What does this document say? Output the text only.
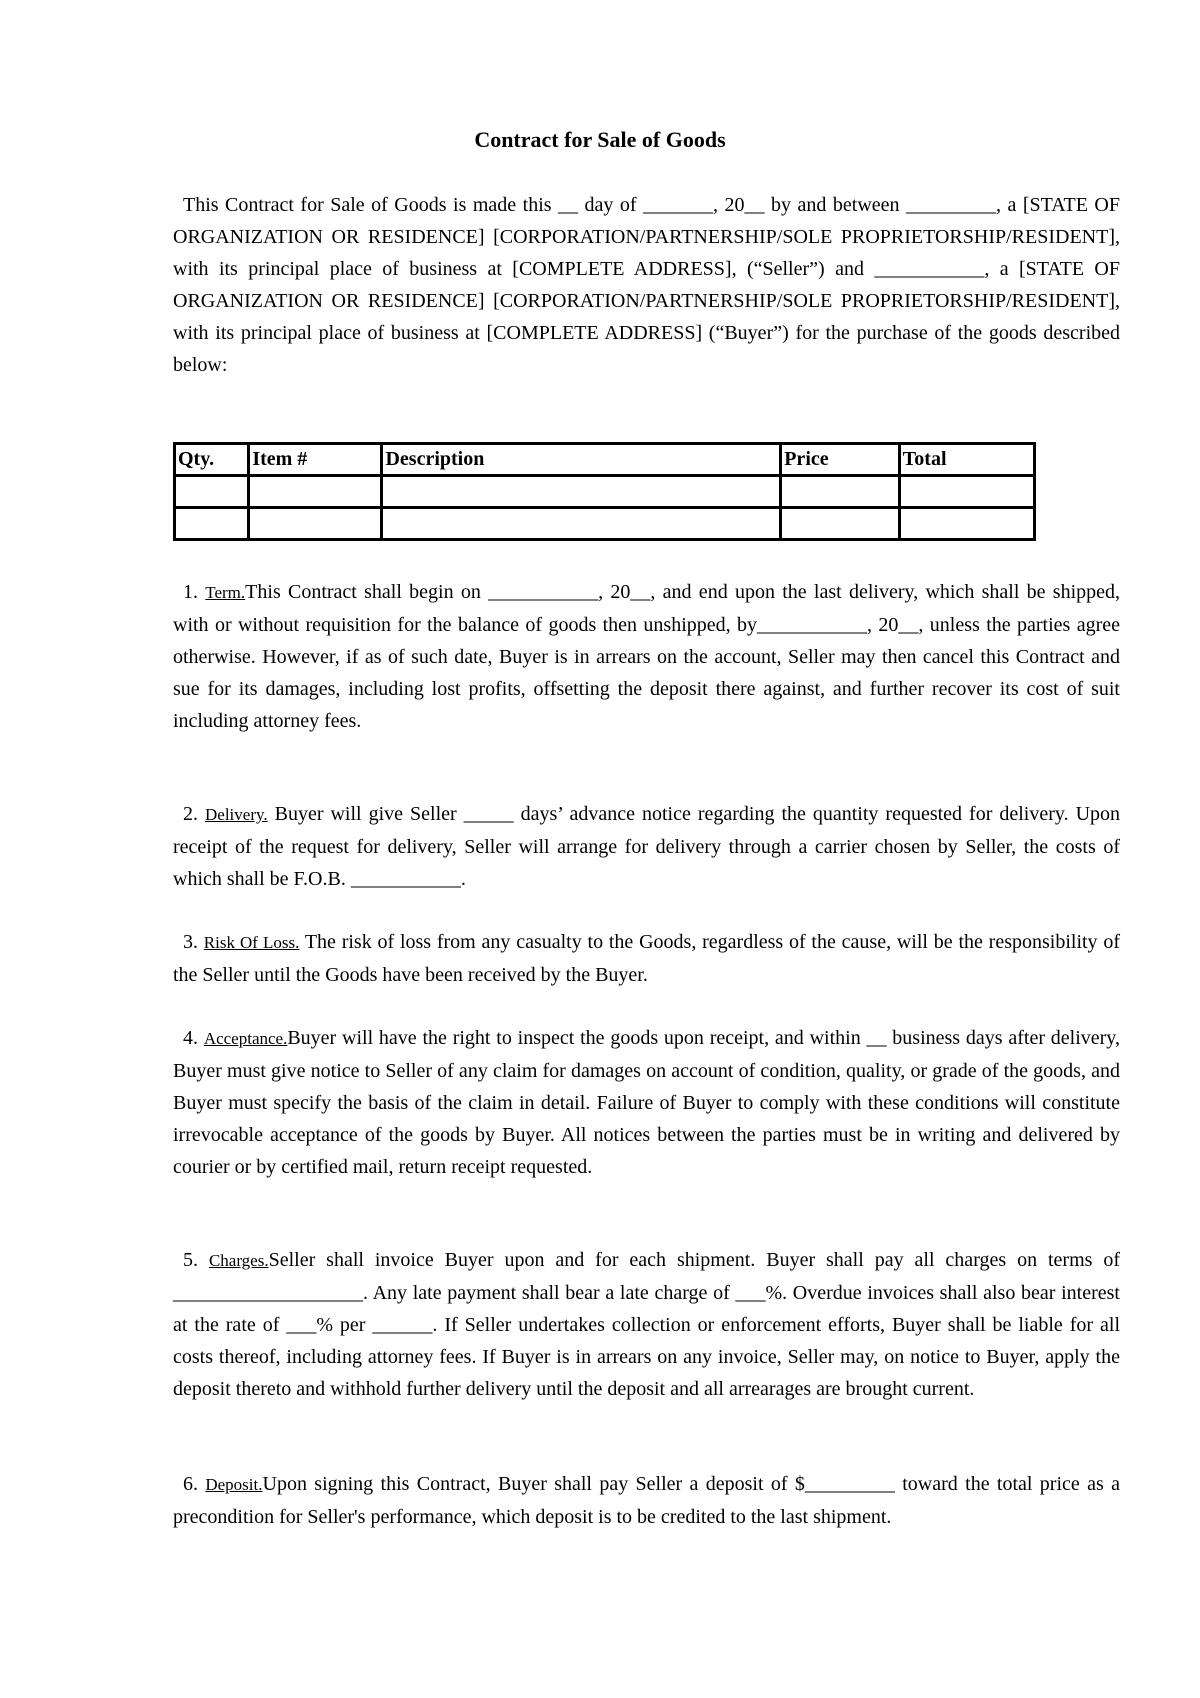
Contract for Sale of Goods

This Contract for Sale of Goods is made this __ day of _______, 20__ by and between _________, a [STATE OF ORGANIZATION OR RESIDENCE] [CORPORATION/PARTNERSHIP/SOLE PROPRIETORSHIP/RESIDENT], with its principal place of business at [COMPLETE ADDRESS], (“Seller”) and ___________, a [STATE OF ORGANIZATION OR RESIDENCE] [CORPORATION/PARTNERSHIP/SOLE PROPRIETORSHIP/RESIDENT], with its principal place of business at [COMPLETE ADDRESS] (“Buyer”) for the purchase of the goods described below:

Qty.	Item #	Description	Price	Total

1. Term.This Contract shall begin on ___________, 20__, and end upon the last delivery, which shall be shipped, with or without requisition for the balance of goods then unshipped, by___________, 20__, unless the parties agree otherwise. However, if as of such date, Buyer is in arrears on the account, Seller may then cancel this Contract and sue for its damages, including lost profits, offsetting the deposit there against, and further recover its cost of suit including attorney fees.

2. Delivery. Buyer will give Seller _____ days’ advance notice regarding the quantity requested for delivery. Upon receipt of the request for delivery, Seller will arrange for delivery through a carrier chosen by Seller, the costs of which shall be F.O.B. ___________.

3. Risk Of Loss. The risk of loss from any casualty to the Goods, regardless of the cause, will be the responsibility of the Seller until the Goods have been received by the Buyer.

4. Acceptance.Buyer will have the right to inspect the goods upon receipt, and within __ business days after delivery, Buyer must give notice to Seller of any claim for damages on account of condition, quality, or grade of the goods, and Buyer must specify the basis of the claim in detail. Failure of Buyer to comply with these conditions will constitute irrevocable acceptance of the goods by Buyer. All notices between the parties must be in writing and delivered by courier or by certified mail, return receipt requested.

5. Charges.Seller shall invoice Buyer upon and for each shipment. Buyer shall pay all charges on terms of ___________________. Any late payment shall bear a late charge of ___%. Overdue invoices shall also bear interest at the rate of ___% per ______. If Seller undertakes collection or enforcement efforts, Buyer shall be liable for all costs thereof, including attorney fees. If Buyer is in arrears on any invoice, Seller may, on notice to Buyer, apply the deposit thereto and withhold further delivery until the deposit and all arrearages are brought current.

6. Deposit.Upon signing this Contract, Buyer shall pay Seller a deposit of $_________ toward the total price as a precondition for Seller's performance, which deposit is to be credited to the last shipment.
